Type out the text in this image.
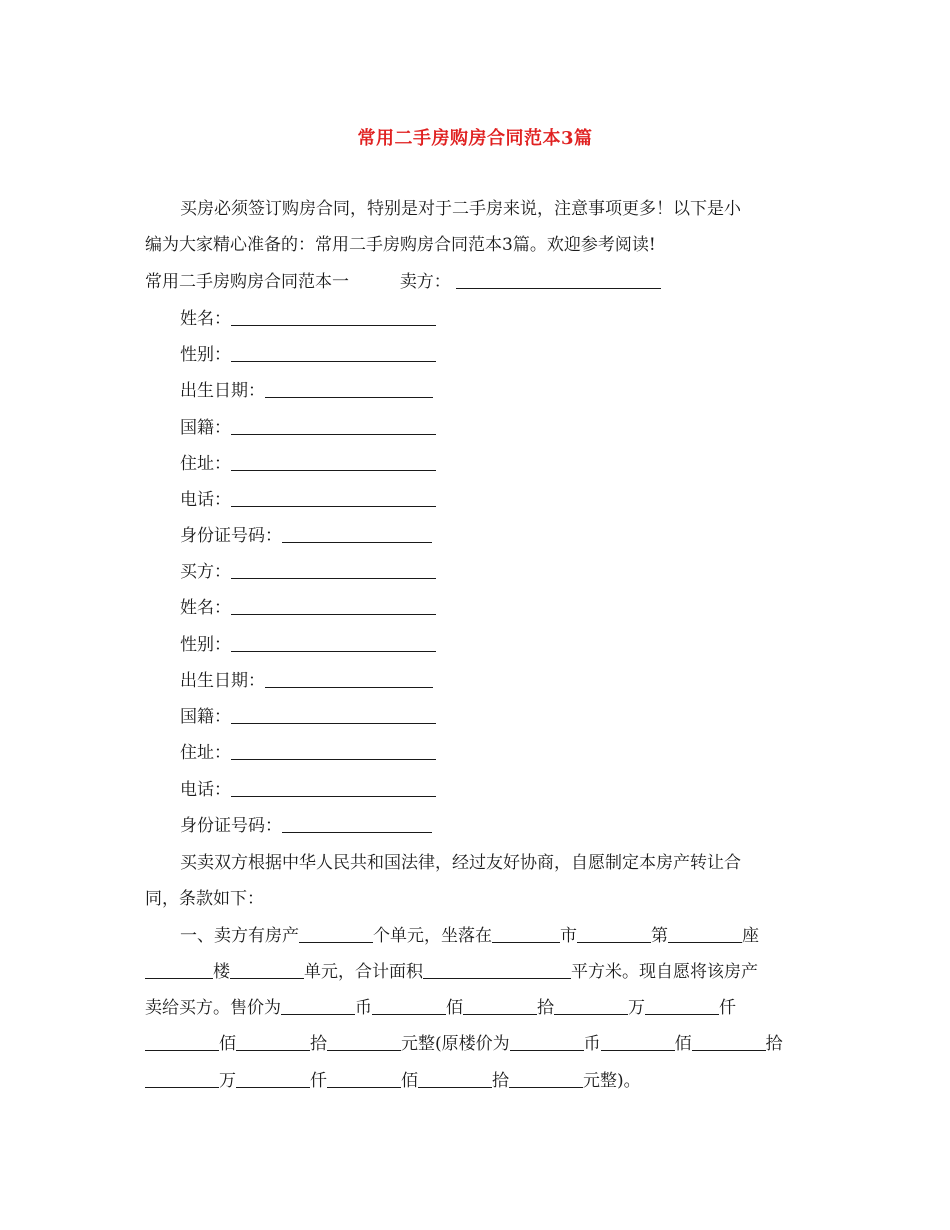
常用二手房购房合同范本3篇
买房必须签订购房合同，特别是对于二手房来说，注意事项更多！以下是小
编为大家精心准备的：常用二手房购房合同范本3篇。欢迎参考阅读!
常用二手房购房合同范本一	卖方：
姓名：
性别：
出生日期：
国籍：
住址：
电话：
身份证号码：
买方：
姓名：
性别：
出生日期：
国籍：
住址：
电话：
身份证号码：
买卖双方根据中华人民共和国法律，经过友好协商，自愿制定本房产转让合
同，条款如下：
一、卖方有房产	个单元，坐落在	市	第	座
楼	单元，合计面积	平方米。现自愿将该房产
卖给买方。售价为	币	佰	拾	万	仟
佰	拾	元整(原楼价为	币	佰	拾
万	仟	佰	拾	元整)。
